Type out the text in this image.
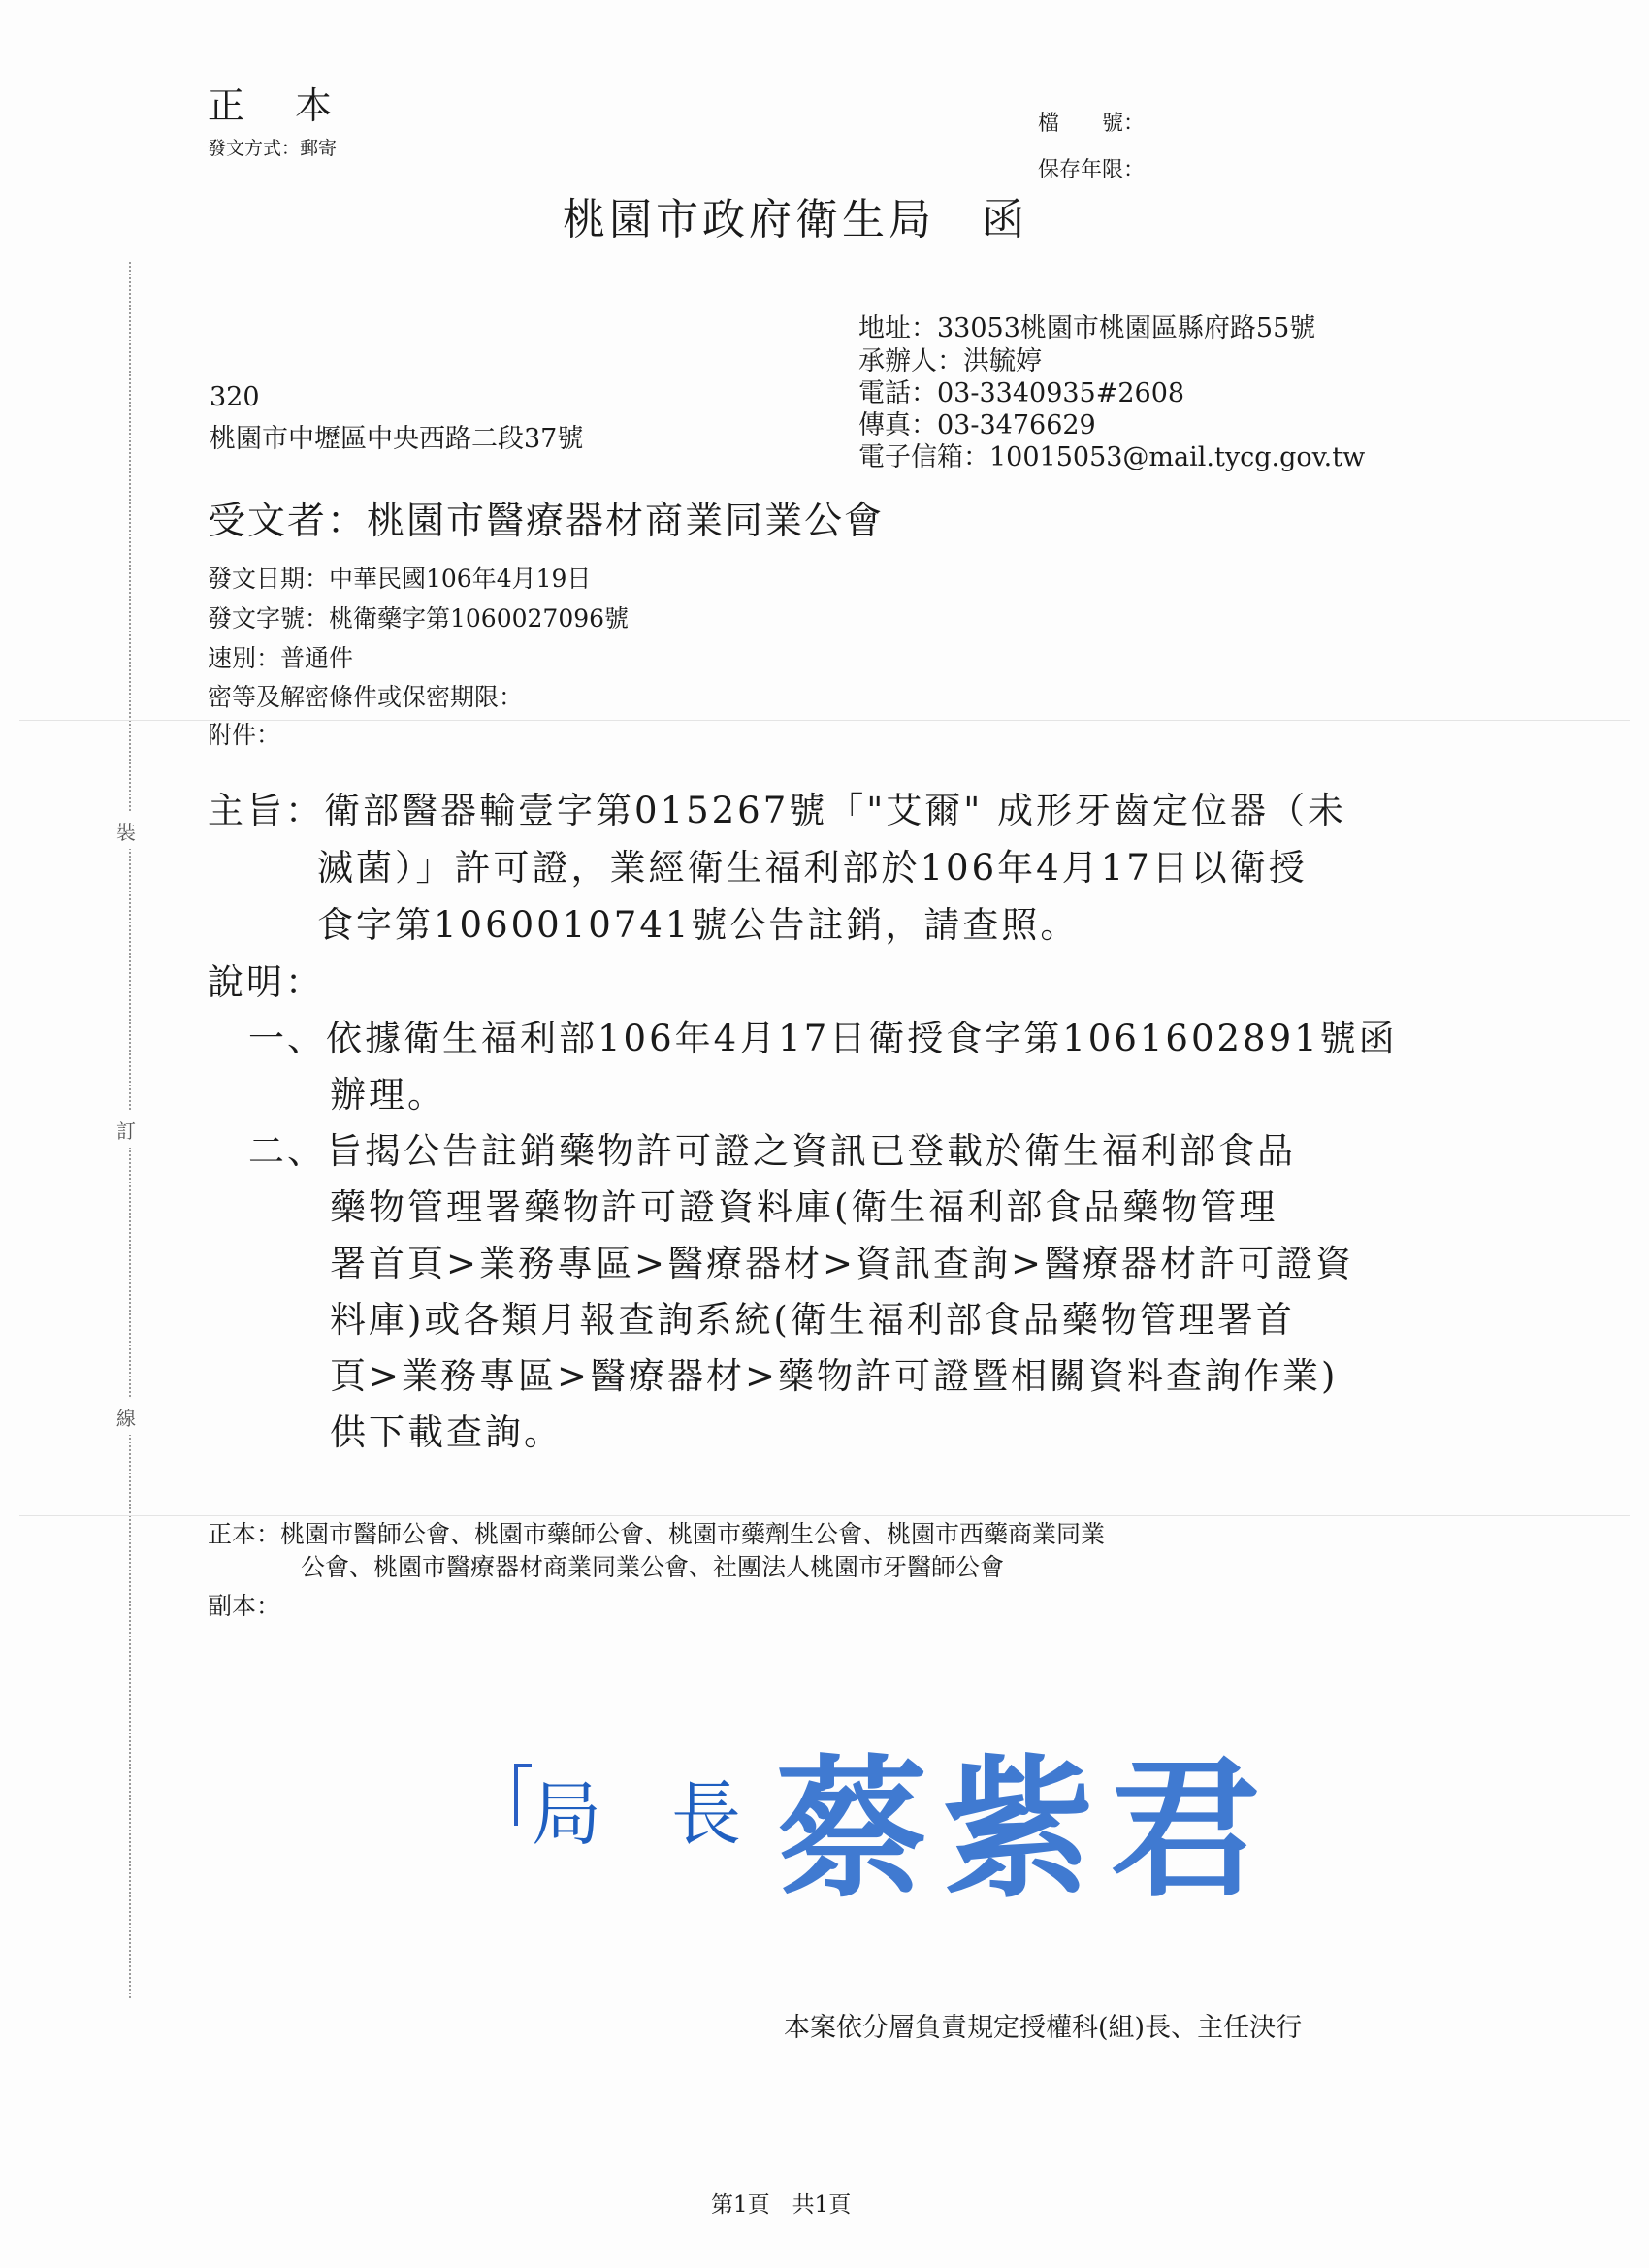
裝
訂
線
正 本
發文方式：郵寄
檔　　號：
保存年限：
桃園市政府衛生局　函
地址：33053桃園市桃園區縣府路55號
承辦人：洪毓婷
電話：03-3340935#2608
傳真：03-3476629
電子信箱：10015053@mail.tycg.gov.tw
320
桃園市中壢區中央西路二段37號
受文者：桃園市醫療器材商業同業公會
發文日期：中華民國106年4月19日
發文字號：桃衛藥字第1060027096號
速別：普通件
密等及解密條件或保密期限：
附件：
主旨：衛部醫器輸壹字第015267號「"艾爾" 成形牙齒定位器（未
滅菌）」許可證，業經衛生福利部於106年4月17日以衛授
食字第1060010741號公告註銷，請查照。
說明：
一、依據衛生福利部106年4月17日衛授食字第1061602891號函
辦理。
二、旨揭公告註銷藥物許可證之資訊已登載於衛生福利部食品
藥物管理署藥物許可證資料庫(衛生福利部食品藥物管理
署首頁>業務專區>醫療器材>資訊查詢>醫療器材許可證資
料庫)或各類月報查詢系統(衛生福利部食品藥物管理署首
頁>業務專區>醫療器材>藥物許可證暨相關資料查詢作業)
供下載查詢。
正本：桃園市醫師公會、桃園市藥師公會、桃園市藥劑生公會、桃園市西藥商業同業
公會、桃園市醫療器材商業同業公會、社團法人桃園市牙醫師公會
副本：
局　長 蔡紫君
本案依分層負責規定授權科(組)長、主任決行
第1頁　共1頁
